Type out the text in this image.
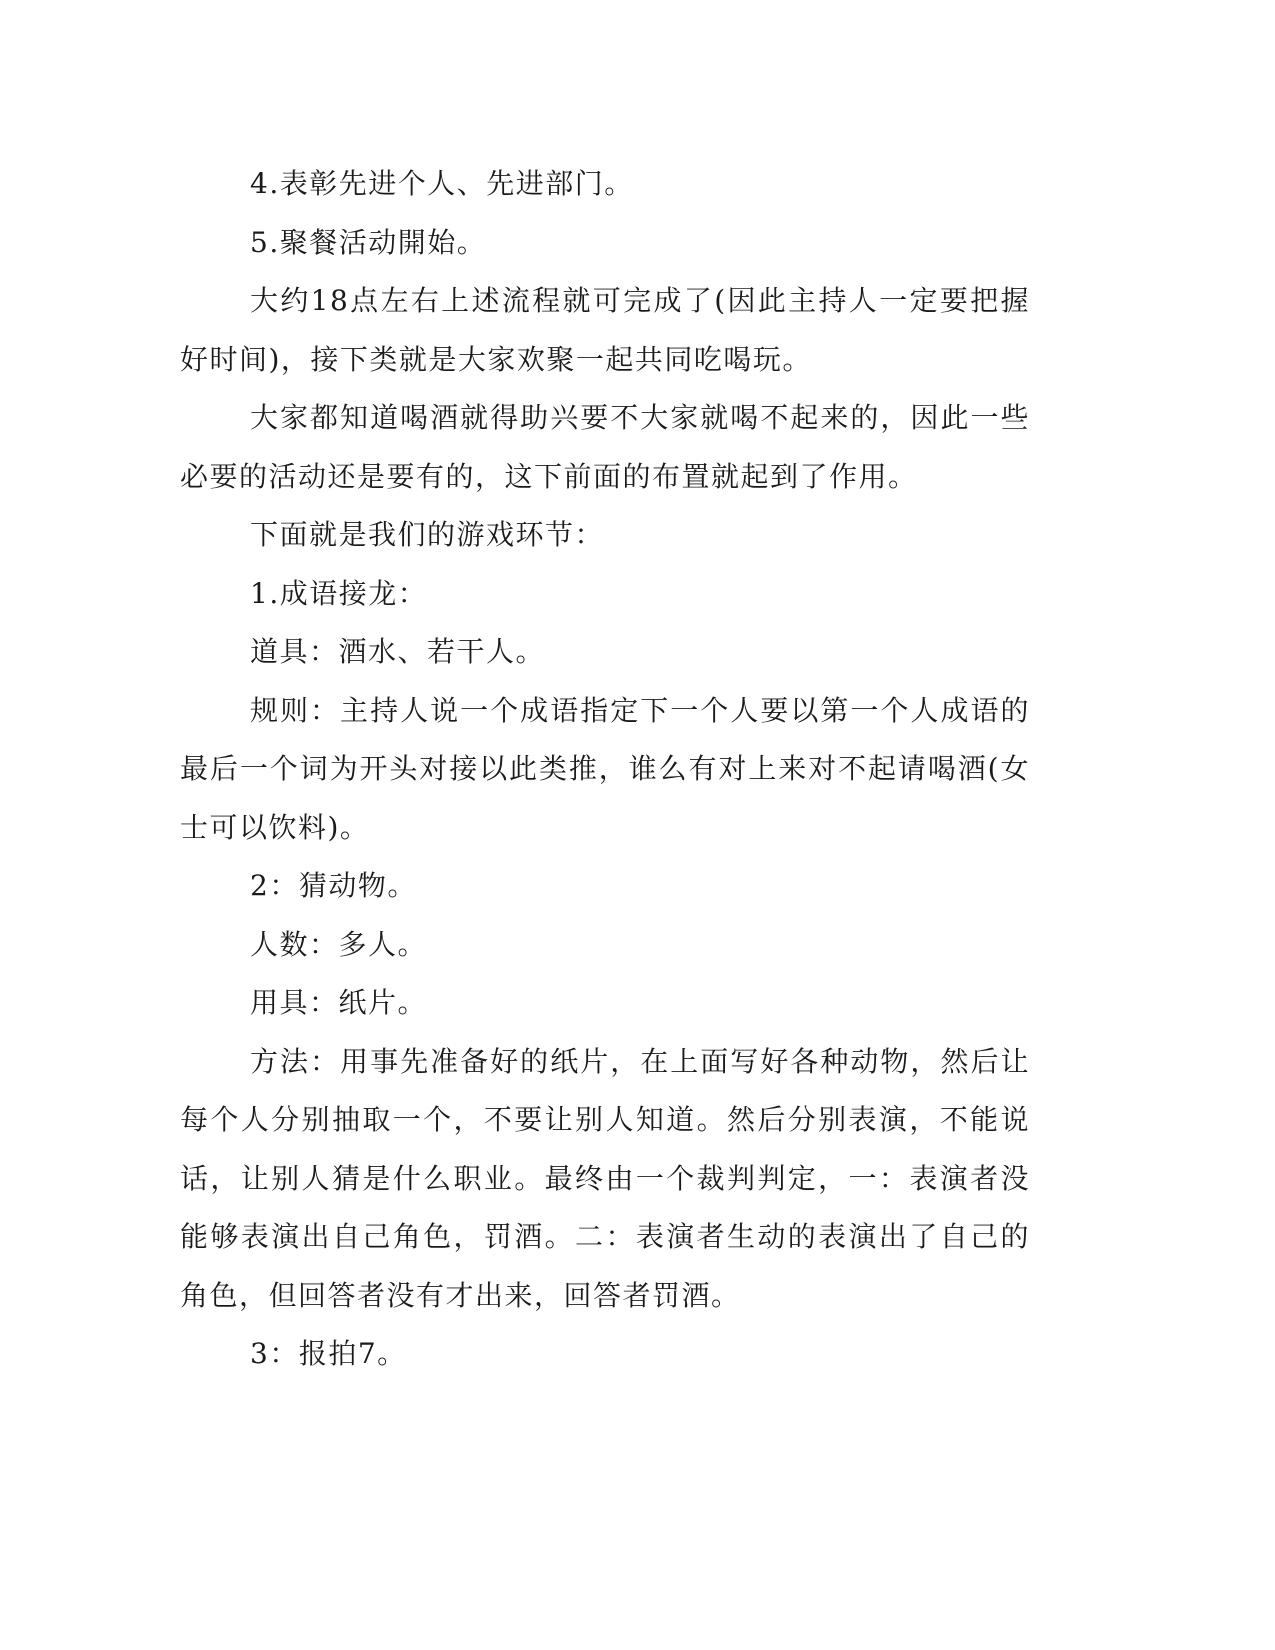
4.表彰先进个人、先进部门。

5.聚餐活动開始。

大约18点左右上述流程就可完成了(因此主持人一定要把握好时间)，接下类就是大家欢聚一起共同吃喝玩。

大家都知道喝酒就得助兴要不大家就喝不起来的，因此一些必要的活动还是要有的，这下前面的布置就起到了作用。

下面就是我们的游戏环节：

1.成语接龙：

道具：酒水、若干人。

规则：主持人说一个成语指定下一个人要以第一个人成语的最后一个词为开头对接以此类推，谁么有对上来对不起请喝酒(女士可以饮料)。

2：猜动物。

人数：多人。

用具：纸片。

方法：用事先准备好的纸片，在上面写好各种动物，然后让每个人分别抽取一个，不要让别人知道。然后分别表演，不能说话，让别人猜是什么职业。最终由一个裁判判定，一：表演者没能够表演出自己角色，罚酒。二：表演者生动的表演出了自己的角色，但回答者没有才出来，回答者罚酒。

3：报拍7。
